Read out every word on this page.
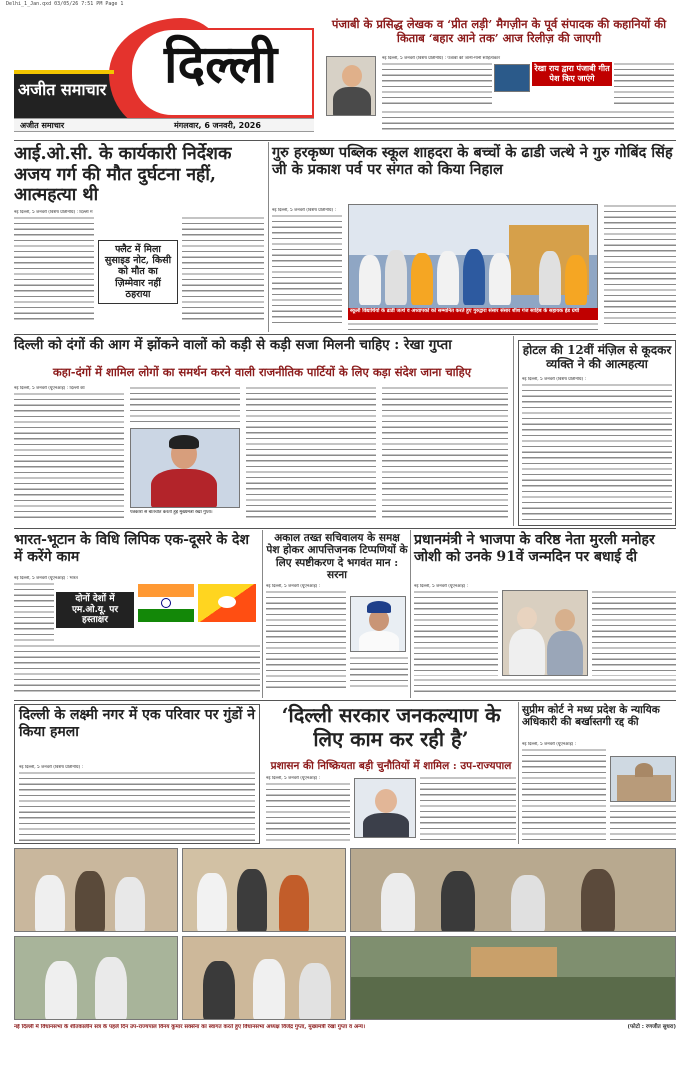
Delhi_1_Jan.qxd 03/05/26 7:51 PM Page 1
अजीत समाचार दिल्ली
अजीत समाचार	मंगलवार, 6 जनवरी, 2026
पंजाबी के प्रसिद्ध लेखक व ‘प्रीत लड़ी’ मैगज़ीन के पूर्व संपादक की कहानियों की किताब ‘बहार आने तक’ आज रिलीज़ की जाएगी
नई दिल्ली, 5 जनवरी (विशेष प्रतिनिधि) : पंजाबी की जानी-मानी साहित्यकार
रेखा राय द्वारा पंजाबी गीत पेश किए जाएंगे
आई.ओ.सी. के कार्यकारी निर्देशक अजय गर्ग की मौत दुर्घटना नहीं, आत्महत्या थी
नई दिल्ली, 5 जनवरी (विशेष प्रतिनिधि) : दिल्ली में
फ्लैट में मिला सुसाइड नोट, किसी को मौत का ज़िम्मेवार नहीं ठहराया
गुरु हरकृष्ण पब्लिक स्कूल शाहदरा के बच्चों के ढाडी जत्थे ने गुरु गोबिंद सिंह जी के प्रकाश पर्व पर संगत को किया निहाल
नई दिल्ली, 5 जनवरी (विशेष प्रतिनिधि) :
स्कूली विद्यार्थियों के ढाडी जत्थे व अध्यापकों को सम्मानित करते हुए गुरुद्वारा संसार संसार शीश गंज साहिब के सहायक हेड ग्रंथी
दिल्ली को दंगों की आग में झोंकने वालों को कड़ी से कड़ी सजा मिलनी चाहिए : रेखा गुप्ता
कहा-दंगों में शामिल लोगों का समर्थन करने वाली राजनीतिक पार्टियों के लिए कड़ा संदेश जाना चाहिए
नई दिल्ली, 5 जनवरी (यूएनआई) : दिल्ली की
पत्रकारों से बातचीत करती हुईं मुख्यमंत्री रेखा गुप्ता।
होटल की 12वीं मंज़िल से कूदकर व्यक्ति ने की आत्महत्या
नई दिल्ली, 5 जनवरी (विशेष प्रतिनिधि) :
भारत-भूटान के विधि लिपिक एक-दूसरे के देश में करेंगे काम
नई दिल्ली, 5 जनवरी (यूएनआई) : भारत
दोनों देशों में एम.ओ.यू. पर हस्ताक्षर
अकाल तख्त सचिवालय के समक्ष पेश होकर आपत्तिजनक टिप्पणियों के लिए स्पष्टीकरण दे भगवंत मान : सरना
नई दिल्ली, 5 जनवरी (यूएनआई) :
प्रधानमंत्री ने भाजपा के वरिष्ठ नेता मुरली मनोहर जोशी को उनके 91वें जन्मदिन पर बधाई दी
नई दिल्ली, 5 जनवरी (यूएनआई) :
दिल्ली के लक्ष्मी नगर में एक परिवार पर गुंडों ने किया हमला
नई दिल्ली, 5 जनवरी (विशेष प्रतिनिधि) :
‘दिल्ली सरकार जनकल्याण के लिए काम कर रही है’
प्रशासन की निष्क्रियता बड़ी चुनौतियों में शामिल : उप-राज्यपाल
नई दिल्ली, 5 जनवरी (यूएनआई) :
सुप्रीम कोर्ट ने मध्य प्रदेश के न्यायिक अधिकारी की बर्खास्तगी रद्द की
नई दिल्ली, 5 जनवरी (यूएनआई) :
नई दिल्ली में विधानसभा के शीतकालीन सत्र के पहले दिन उप-राज्यपाल विनय कुमार सक्सेना का स्वागत करते हुए विधानसभा अध्यक्ष विजेंद्र गुप्ता, मुख्यमंत्री रेखा गुप्ता व अन्य।	(फोटो : रणजीत सुधरा)
